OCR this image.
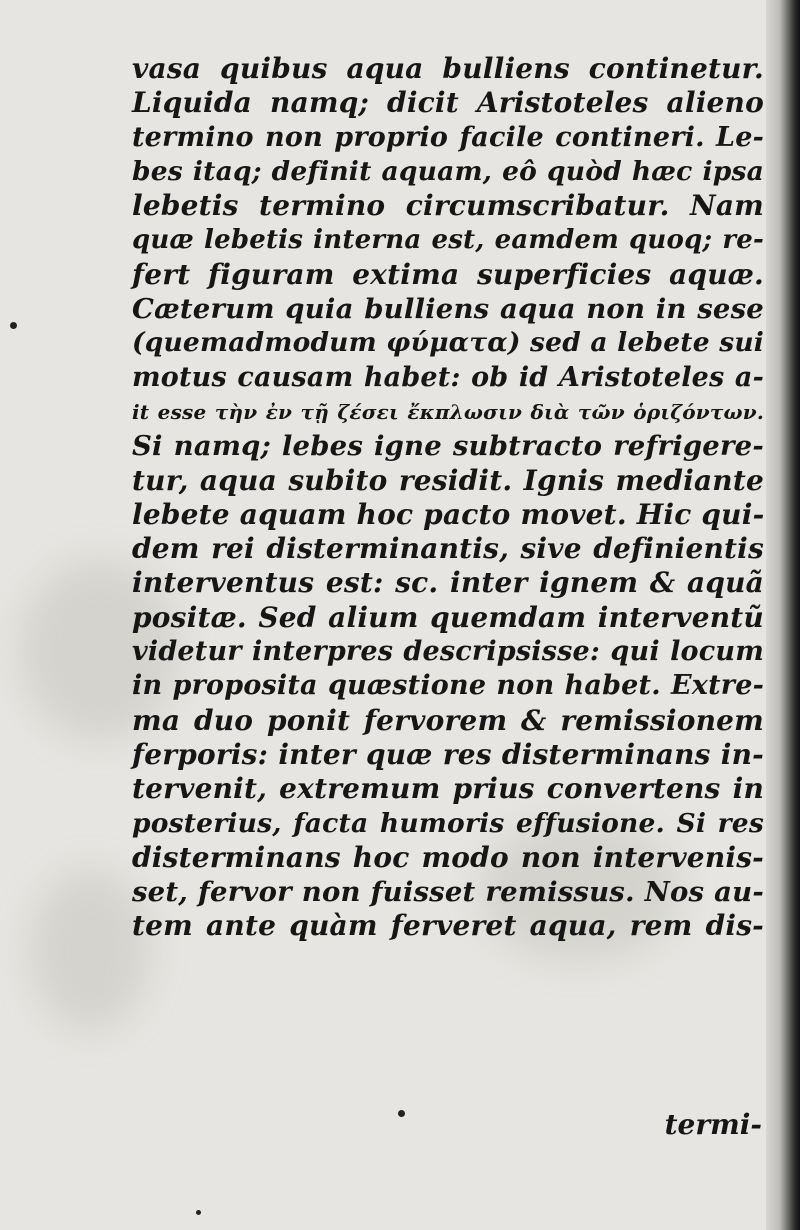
vasa quibus aqua bulliens continetur.
Liquida namq; dicit Aristoteles alieno
termino non proprio facile contineri. Le-
bes itaq; definit aquam, eô quòd hæc ipsa
lebetis termino circumscribatur. Nam
quæ lebetis interna est, eamdem quoq; re-
fert figuram extima superficies aquæ.
Cæterum quia bulliens aqua non in sese
(quemadmodum φύματα) sed a lebete sui
motus causam habet: ob id Aristoteles a-
it esse τὴν ἐν τῇ ζέσει ἔκπλωσιν διὰ τῶν ὁριζόντων.
Si namq; lebes igne subtracto refrigere-
tur, aqua subito residit. Ignis mediante
lebete aquam hoc pacto movet. Hic qui-
dem rei disterminantis, sive definientis
interventus est: sc. inter ignem & aquã
positæ. Sed alium quemdam interventũ
videtur interpres descripsisse: qui locum
in proposita quæstione non habet. Extre-
ma duo ponit fervorem & remissionem
ferporis: inter quæ res disterminans in-
tervenit, extremum prius convertens in
posterius, facta humoris effusione. Si res
disterminans hoc modo non intervenis-
set, fervor non fuisset remissus. Nos au-
tem ante quàm ferveret aqua, rem dis-
termi-
